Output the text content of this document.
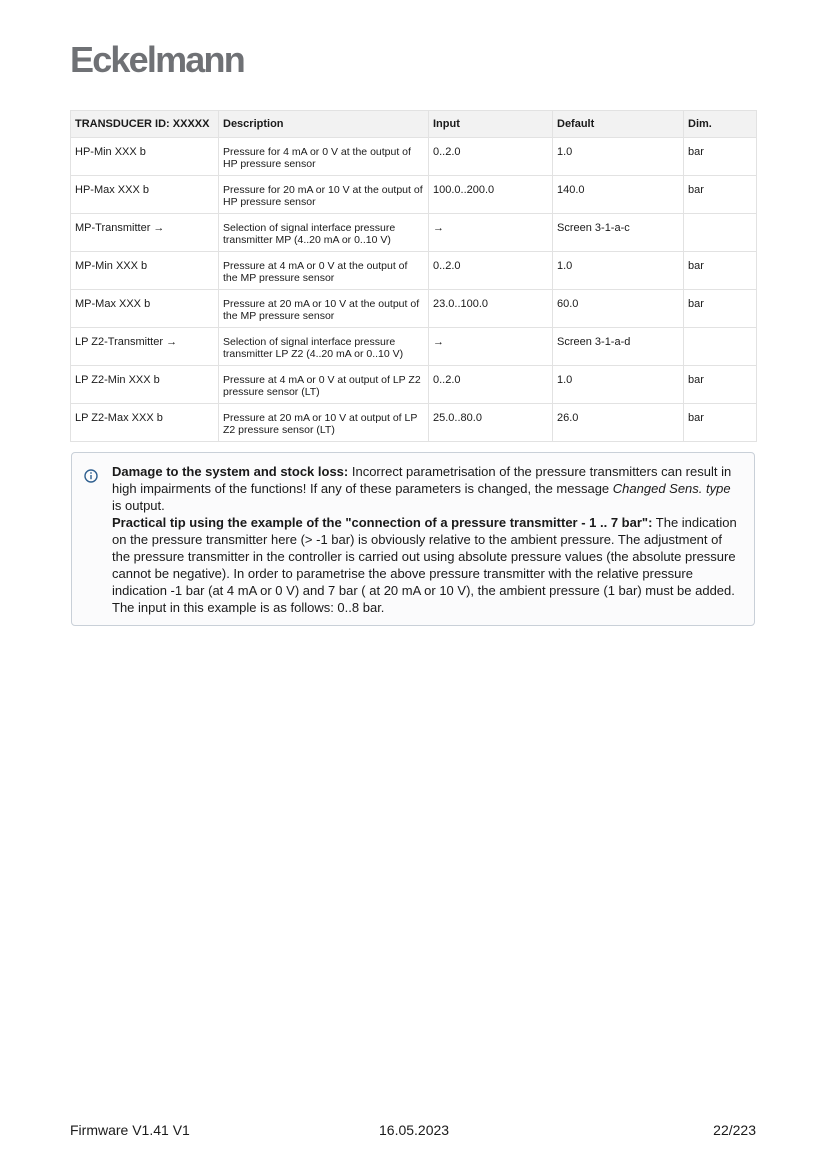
Eckelmann
TRANSDUCER ID: XXXXX	Description	Input	Default	Dim.
HP-Min XXX b	Pressure for 4 mA or 0 V at the output of HP pressure sensor	0..2.0	1.0	bar
HP-Max XXX b	Pressure for 20 mA or 10 V at the output of HP pressure sensor	100.0..200.0	140.0	bar
MP-Transmitter →	Selection of signal interface pressure transmitter MP (4..20 mA or 0..10 V)	→	Screen 3-1-a-c	
MP-Min XXX b	Pressure at 4 mA or 0 V at the output of the MP pressure sensor	0..2.0	1.0	bar
MP-Max XXX b	Pressure at 20 mA or 10 V at the output of the MP pressure sensor	23.0..100.0	60.0	bar
LP Z2-Transmitter →	Selection of signal interface pressure transmitter LP Z2 (4..20 mA or 0..10 V)	→	Screen 3-1-a-d	
LP Z2-Min XXX b	Pressure at 4 mA or 0 V at output of LP Z2 pressure sensor (LT)	0..2.0	1.0	bar
LP Z2-Max XXX b	Pressure at 20 mA or 10 V at output of LP Z2 pressure sensor (LT)	25.0..80.0	26.0	bar
Damage to the system and stock loss: Incorrect parametrisation of the pressure transmitters can result in high impairments of the functions! If any of these parameters is changed, the message Changed Sens. type is output.
Practical tip using the example of the "connection of a pressure transmitter - 1 .. 7 bar": The indication on the pressure transmitter here (> -1 bar) is obviously relative to the ambient pressure. The adjustment of the pressure transmitter in the controller is carried out using absolute pressure values (the absolute pressure cannot be negative). In order to parametrise the above pressure transmitter with the relative pressure indication -1 bar (at 4 mA or 0 V) and 7 bar ( at 20 mA or 10 V), the ambient pressure (1 bar) must be added. The input in this example is as follows: 0..8 bar.
Firmware V1.41 V1	16.05.2023	22/223
